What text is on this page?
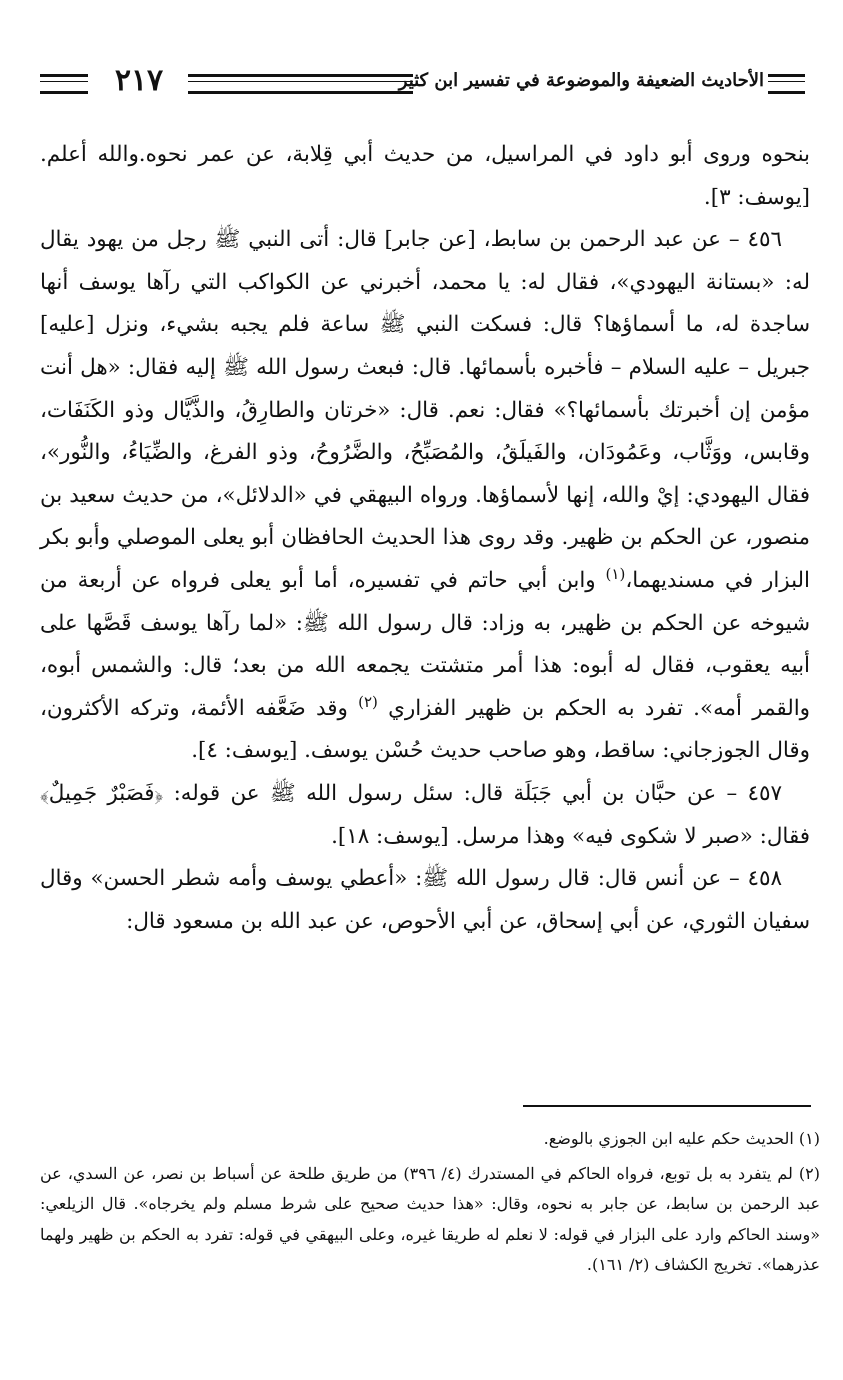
٢١٧	الأحاديث الضعيفة والموضوعة في تفسير ابن كثير

بنحوه وروى أبو داود في المراسيل، من حديث أبي قِلابة، عن عمر نحوه.والله أعلم. [يوسف: ٣].

٤٥٦ – عن عبد الرحمن بن سابط، [عن جابر] قال: أتى النبي ﷺ رجل من يهود يقال له: «بستانة اليهودي»، فقال له: يا محمد، أخبرني عن الكواكب التي رآها يوسف أنها ساجدة له، ما أسماؤها؟ قال: فسكت النبي ﷺ ساعة فلم يجبه بشيء، ونزل [عليه] جبريل – عليه السلام – فأخبره بأسمائها. قال: فبعث رسول الله ﷺ إليه فقال: «هل أنت مؤمن إن أخبرتك بأسمائها؟» فقال: نعم. قال: «خرتان والطارِقُ، والذَّيَّال وذو الكَنَفَات، وقابس، ووَثَّاب، وعَمُودَان، والفَيلَقُ، والمُصَبِّحُ، والضَّرُوحُ، وذو الفرغ، والضِّيَاءُ، والنُّور»، فقال اليهودي: إيْ والله، إنها لأسماؤها. ورواه البيهقي في «الدلائل»، من حديث سعيد بن منصور، عن الحكم بن ظهير. وقد روى هذا الحديث الحافظان أبو يعلى الموصلي وأبو بكر البزار في مسنديهما،$^{(١)}$ وابن أبي حاتم في تفسيره، أما أبو يعلى فرواه عن أربعة من شيوخه عن الحكم بن ظهير، به وزاد: قال رسول الله ﷺ: «لما رآها يوسف قَصَّها على أبيه يعقوب، فقال له أبوه: هذا أمر متشتت يجمعه الله من بعد؛ قال: والشمس أبوه، والقمر أمه». تفرد به الحكم بن ظهير الفزاري $^{(٢)}$ وقد ضَعَّفه الأئمة، وتركه الأكثرون، وقال الجوزجاني: ساقط، وهو صاحب حديث حُسْن يوسف. [يوسف: ٤].

٤٥٧ – عن حبَّان بن أبي جَبَلَة قال: سئل رسول الله ﷺ عن قوله: ﴿فَصَبْرٌ جَمِيلٌ﴾ فقال: «صبر لا شكوى فيه» وهذا مرسل. [يوسف: ١٨].

٤٥٨ – عن أنس قال: قال رسول الله ﷺ: «أعطي يوسف وأمه شطر الحسن» وقال سفيان الثوري، عن أبي إسحاق، عن أبي الأحوص، عن عبد الله بن مسعود قال:

(١) الحديث حكم عليه ابن الجوزي بالوضع.

(٢) لم يتفرد به بل توبع، فرواه الحاكم في المستدرك (٤/ ٣٩٦) من طريق طلحة عن أسباط بن نصر، عن السدي، عن عبد الرحمن بن سابط، عن جابر به نحوه، وقال: «هذا حديث صحيح على شرط مسلم ولم يخرجاه». قال الزيلعي: «وسند الحاكم وارد على البزار في قوله: لا نعلم له طريقا غيره، وعلى البيهقي في قوله: تفرد به الحكم بن ظهير ولهما عذرهما». تخريج الكشاف (٢/ ١٦١).
